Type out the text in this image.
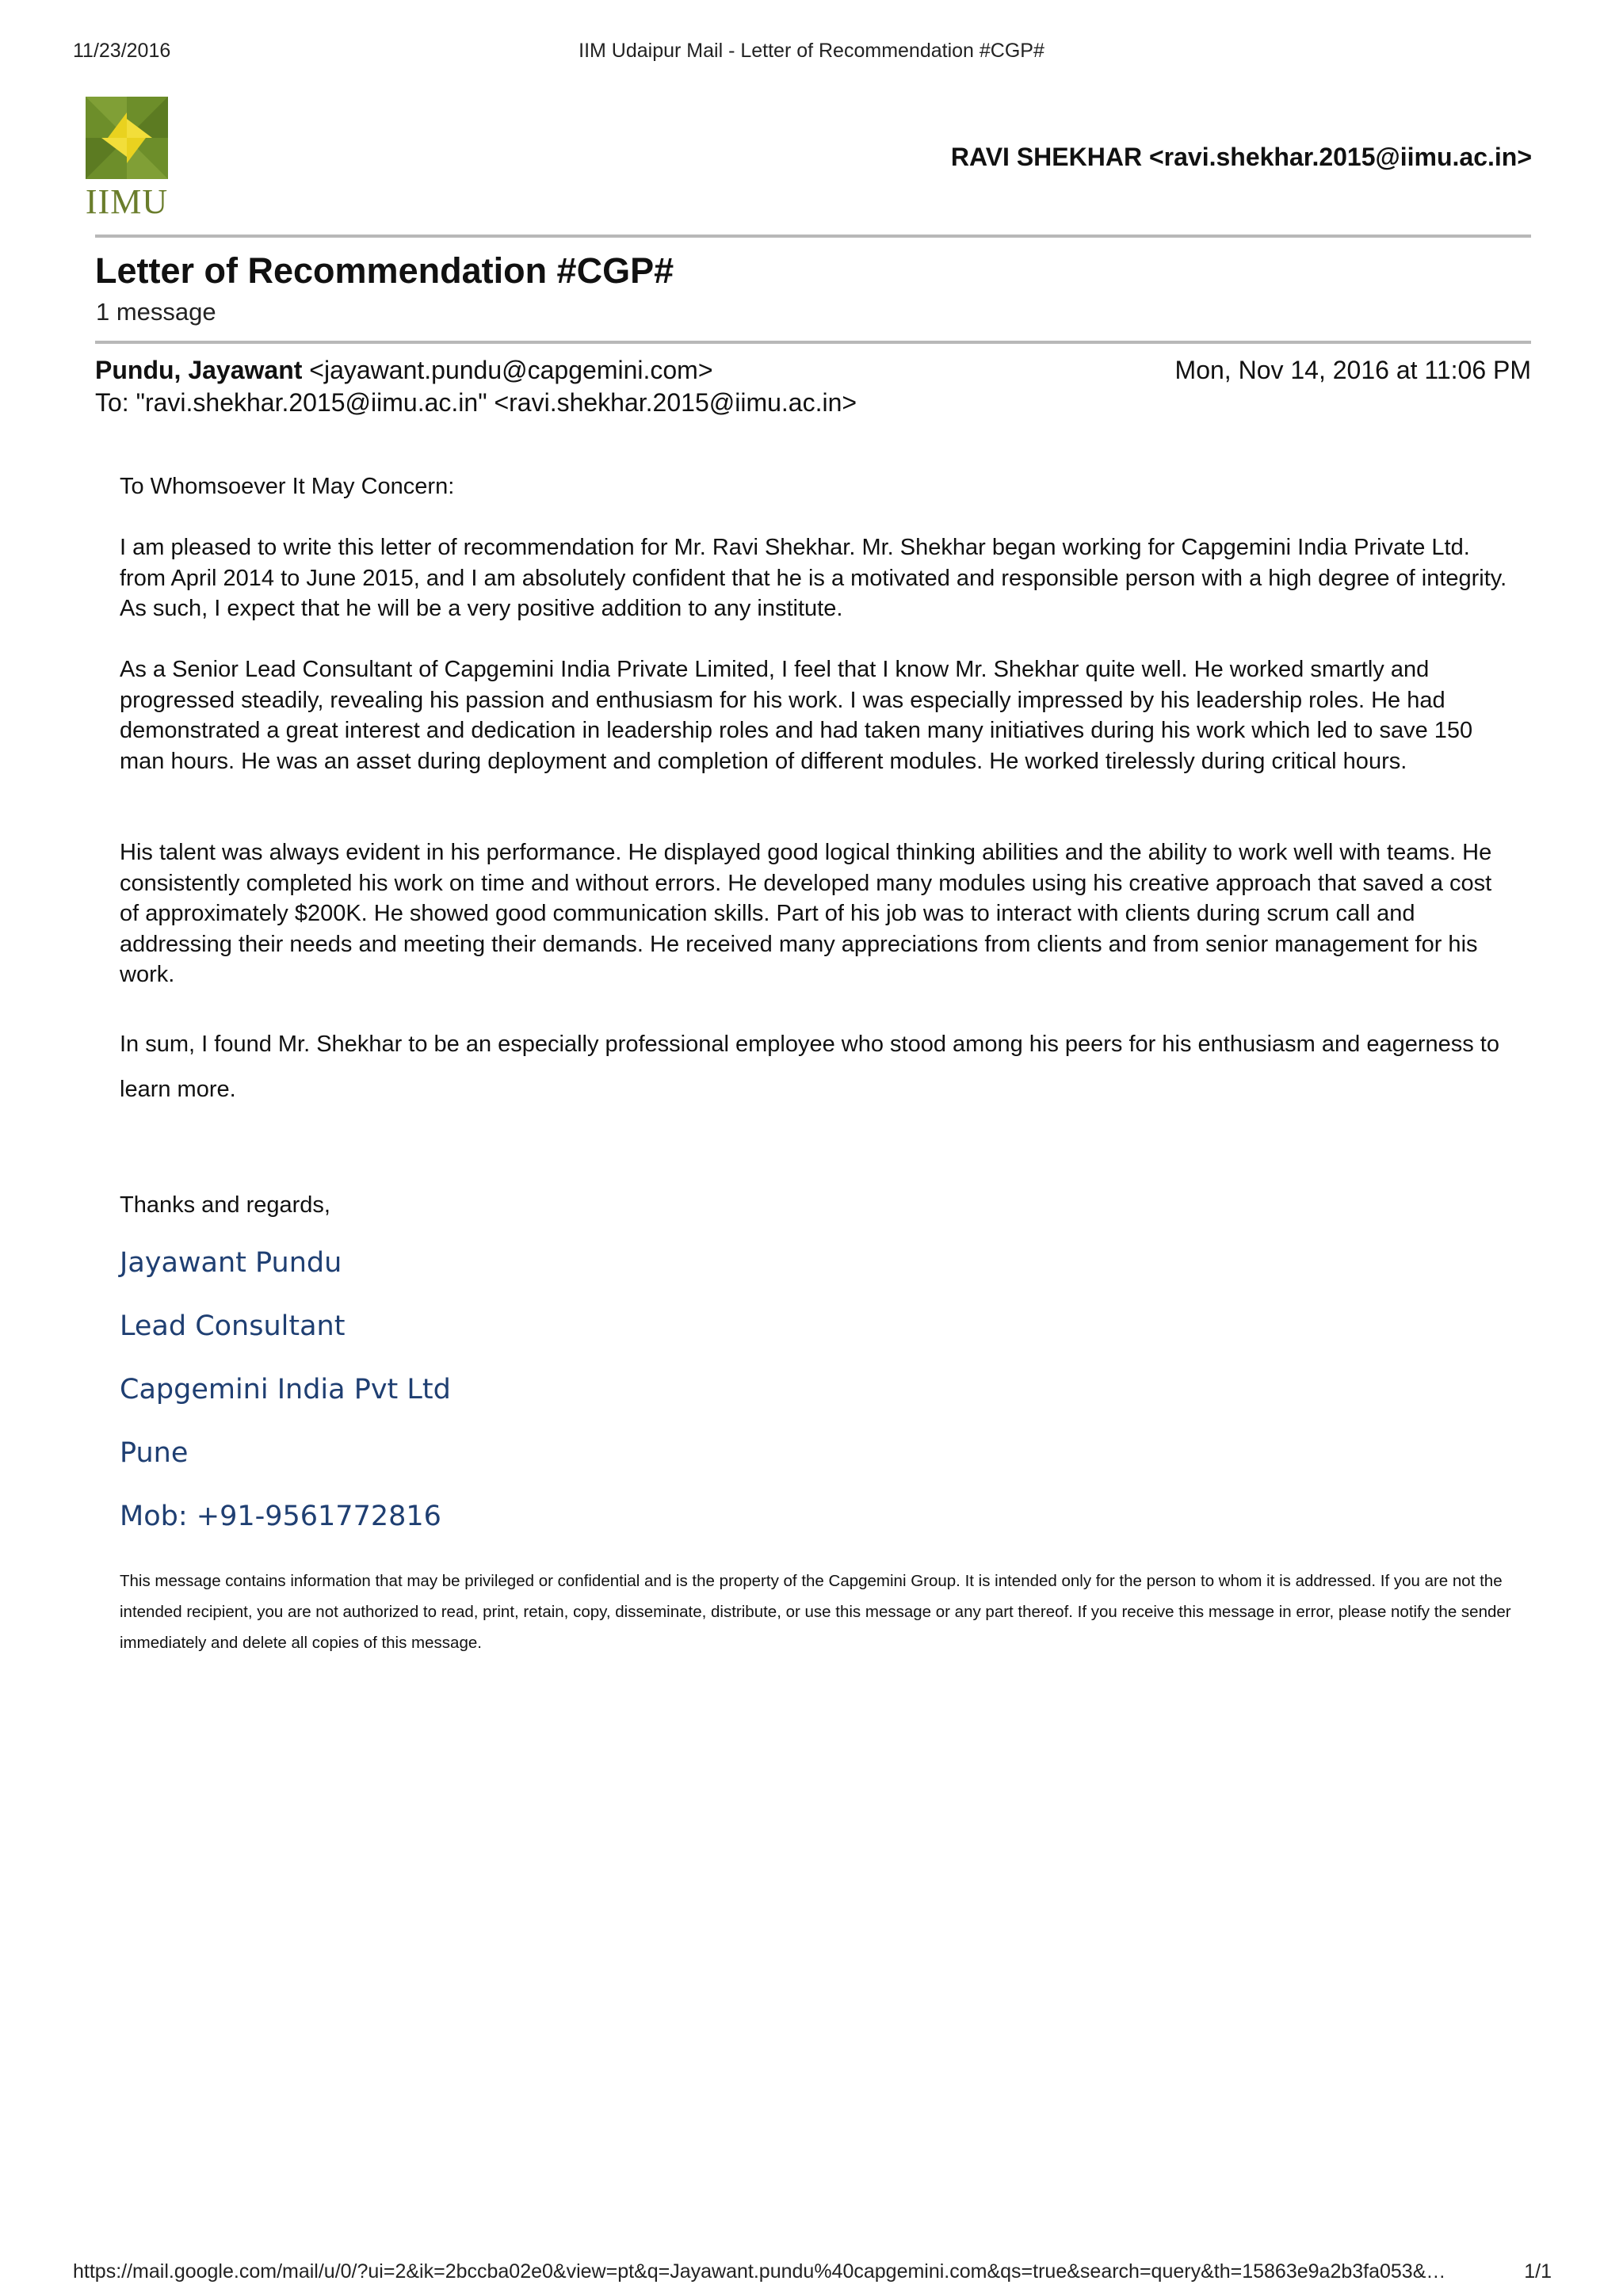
11/23/2016	IIM Udaipur Mail - Letter of Recommendation #CGP#
IIMU
RAVI SHEKHAR <ravi.shekhar.2015@iimu.ac.in>
Letter of Recommendation #CGP#
1 message
Pundu, Jayawant <jayawant.pundu@capgemini.com>	Mon, Nov 14, 2016 at 11:06 PM
To: "ravi.shekhar.2015@iimu.ac.in" <ravi.shekhar.2015@iimu.ac.in>

To Whomsoever It May Concern:

I am pleased to write this letter of recommendation for Mr. Ravi Shekhar. Mr. Shekhar began working for Capgemini India Private Ltd. from April 2014 to June 2015, and I am absolutely confident that he is a motivated and responsible person with a high degree of integrity. As such, I expect that he will be a very positive addition to any institute.

As a Senior Lead Consultant of Capgemini India Private Limited, I feel that I know Mr. Shekhar quite well. He worked smartly and progressed steadily, revealing his passion and enthusiasm for his work. I was especially impressed by his leadership roles. He had demonstrated a great interest and dedication in leadership roles and had taken many initiatives during his work which led to save 150 man hours. He was an asset during deployment and completion of different modules. He worked tirelessly during critical hours.

His talent was always evident in his performance. He displayed good logical thinking abilities and the ability to work well with teams. He consistently completed his work on time and without errors. He developed many modules using his creative approach that saved a cost of approximately $200K. He showed good communication skills. Part of his job was to interact with clients during scrum call and addressing their needs and meeting their demands. He received many appreciations from clients and from senior management for his work.

In sum, I found Mr. Shekhar to be an especially professional employee who stood among his peers for his enthusiasm and eagerness to learn more.

Thanks and regards,

Jayawant Pundu
Lead Consultant
Capgemini India Pvt Ltd
Pune
Mob: +91-9561772816

This message contains information that may be privileged or confidential and is the property of the Capgemini Group. It is intended only for the person to whom it is addressed. If you are not the intended recipient, you are not authorized to read, print, retain, copy, disseminate, distribute, or use this message or any part thereof. If you receive this message in error, please notify the sender immediately and delete all copies of this message.

https://mail.google.com/mail/u/0/?ui=2&ik=2bccba02e0&view=pt&q=Jayawant.pundu%40capgemini.com&qs=true&search=query&th=15863e9a2b3fa053&…	1/1
